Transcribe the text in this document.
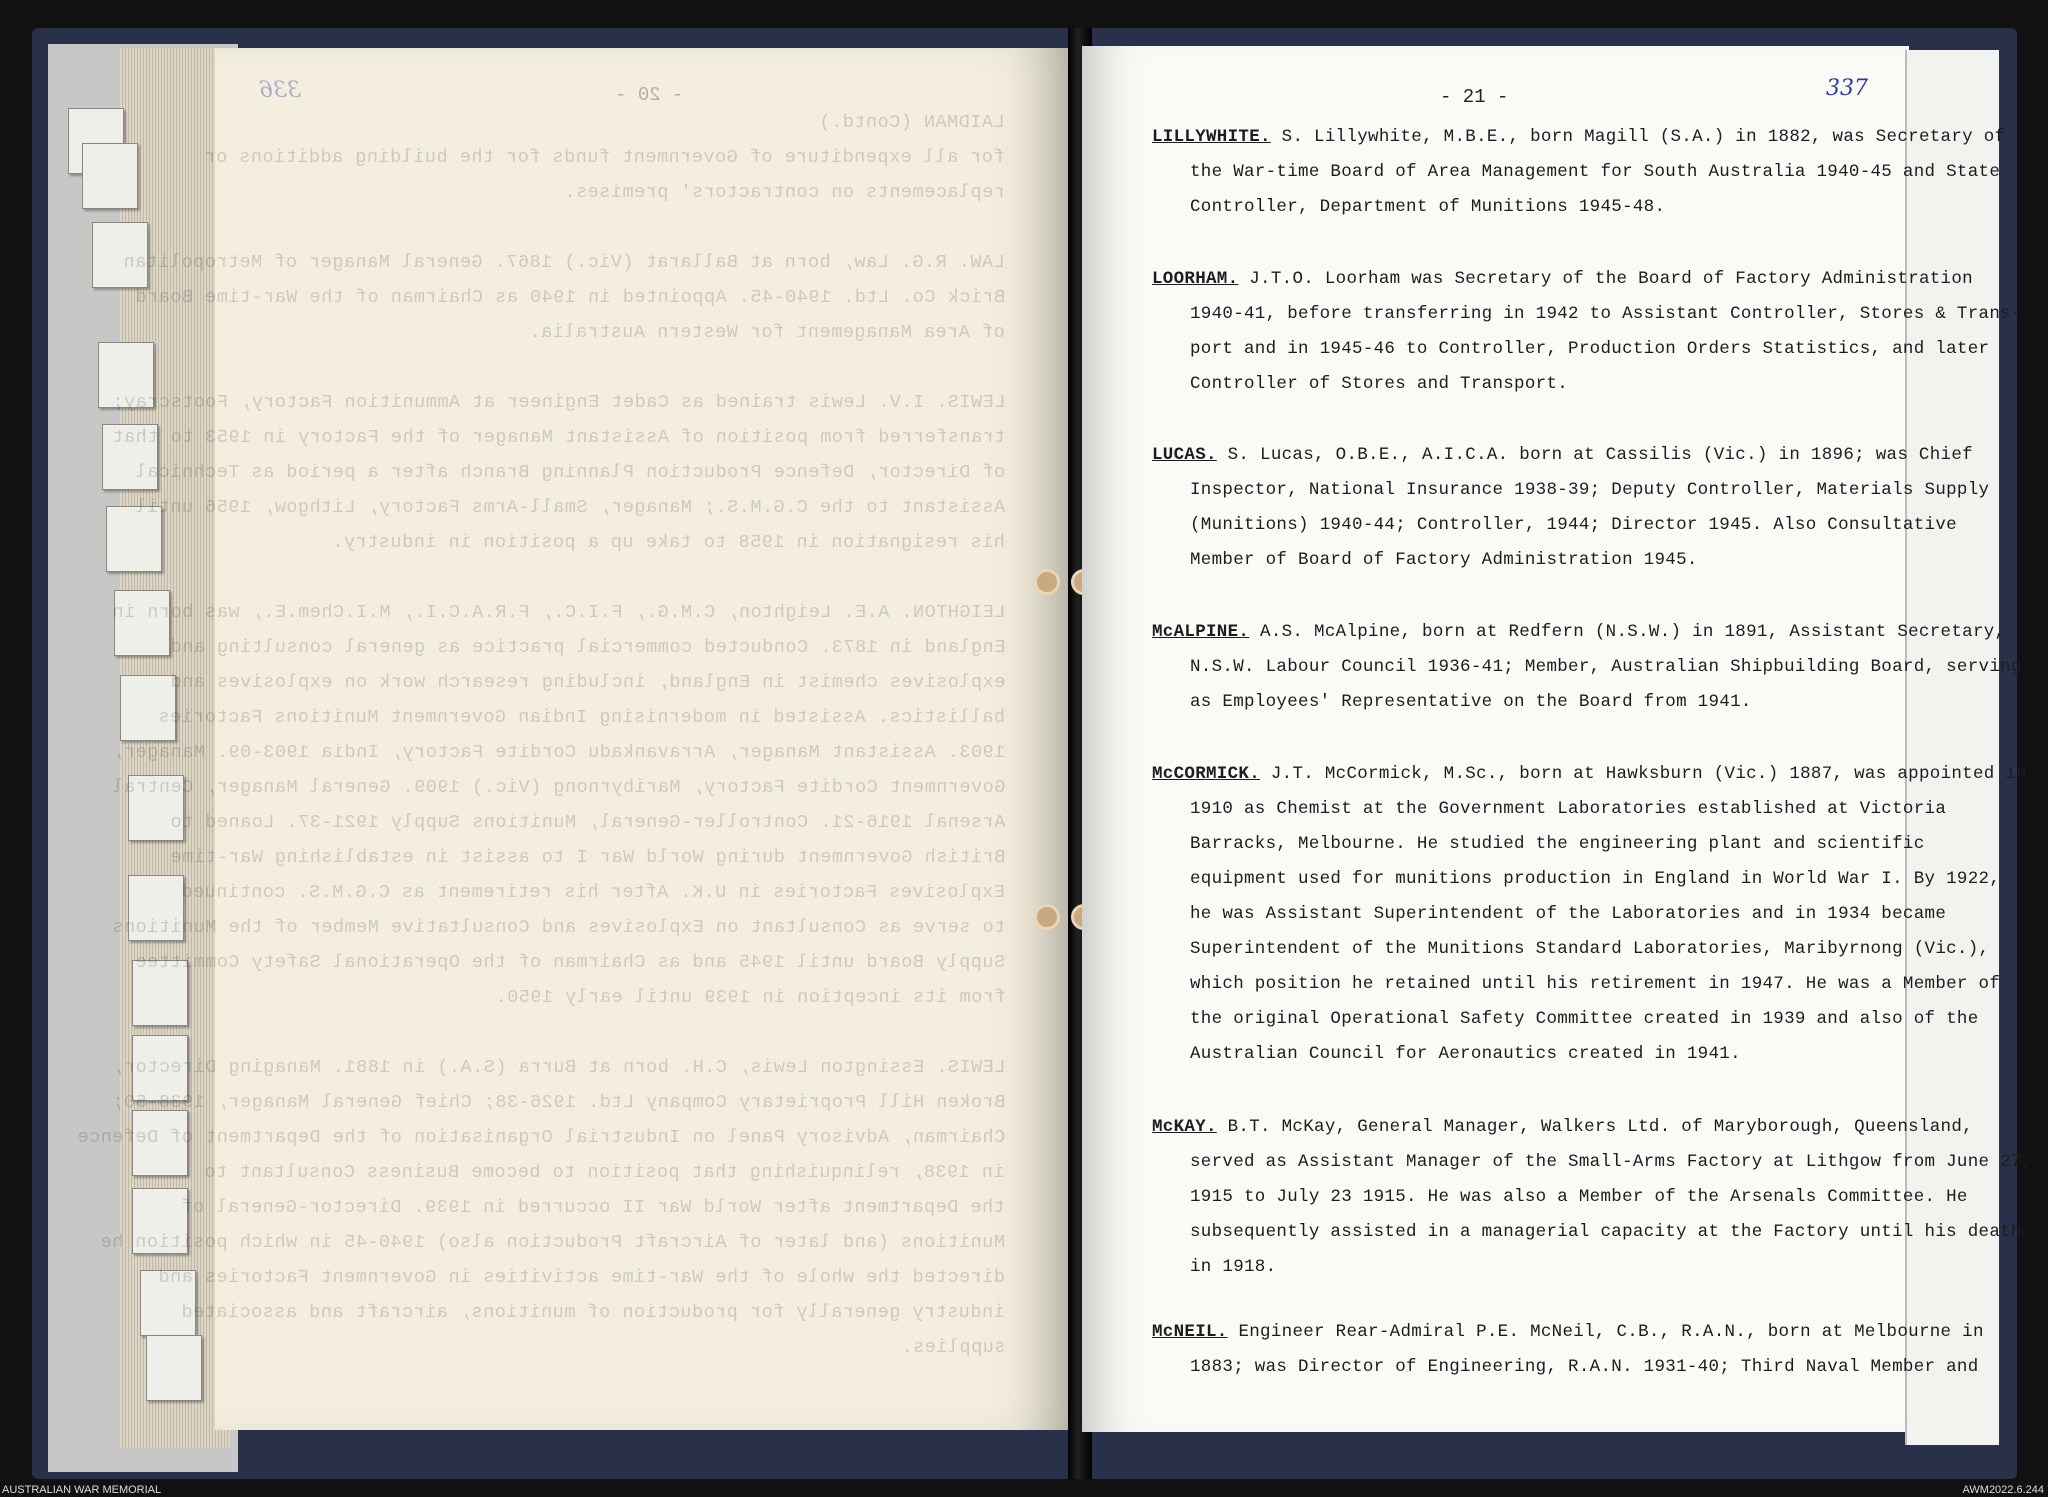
- 20 -
336
LAIDMAN (Contd.)
for all expenditure of Government funds for the building additions or
replacements on contractors' premises.
LAW. R.G. Law, born at Ballarat (Vic.) 1867. General Manager of Metropolitan
Brick Co. Ltd. 1940-45. Appointed in 1940 as Chairman of the War-time Board
of Area Management for Western Australia.
LEWIS. I.V. Lewis trained as Cadet Engineer at Ammunition Factory, Footscray;
transferred from position of Assistant Manager of the Factory in 1953 to that
of Director, Defence Production Planning Branch after a period as Technical
Assistant to the C.G.M.S.; Manager, Small-Arms Factory, Lithgow, 1956 until
his resignation in 1958 to take up a position in industry.
LEIGHTON. A.E. Leighton, C.M.G., F.I.C., F.R.A.C.I., M.I.Chem.E., was born in
England in 1873. Conducted commercial practice as general consulting and
explosives chemist in England, including research work on explosives and
ballistics. Assisted in modernising Indian Government Munitions Factories
1903. Assistant Manager, Arravankadu Cordite Factory, India 1903-09. Manager,
Government Cordite Factory, Maribyrnong (Vic.) 1909. General Manager, Central
Arsenal 1916-21. Controller-General, Munitions Supply 1921-37. Loaned to
British Government during World War I to assist in establishing War-time
Explosives Factories in U.K. After his retirement as C.G.M.S. continued
to serve as Consultant on Explosives and Consultative Member of the Munitions
Supply Board until 1945 and as Chairman of the Operational Safety Committee
from its inception in 1939 until early 1950.
LEWIS. Essington Lewis, C.H. born at Burra (S.A.) in 1881. Managing Director,
Broken Hill Proprietary Company Ltd. 1926-38; Chief General Manager, 1938-50;
Chairman, Advisory Panel on Industrial Organisation of the Department of Defence
in 1938, relinquishing that position to become Business Consultant to
the Department after World War II occurred in 1939. Director-General of
Munitions (and later of Aircraft Production also) 1940-45 in which position he
directed the whole of the War-time activities in Government Factories and
industry generally for production of munitions, aircraft and associated
supplies.
- 21 -	337
LILLYWHITE. S. Lillywhite, M.B.E., born Magill (S.A.) in 1882, was Secretary of
the War-time Board of Area Management for South Australia 1940-45 and State
Controller, Department of Munitions 1945-48.
LOORHAM. J.T.O. Loorham was Secretary of the Board of Factory Administration
1940-41, before transferring in 1942 to Assistant Controller, Stores & Trans-
port and in 1945-46 to Controller, Production Orders Statistics, and later
Controller of Stores and Transport.
LUCAS. S. Lucas, O.B.E., A.I.C.A. born at Cassilis (Vic.) in 1896; was Chief
Inspector, National Insurance 1938-39; Deputy Controller, Materials Supply
(Munitions) 1940-44; Controller, 1944; Director 1945. Also Consultative
Member of Board of Factory Administration 1945.
McALPINE. A.S. McAlpine, born at Redfern (N.S.W.) in 1891, Assistant Secretary,
N.S.W. Labour Council 1936-41; Member, Australian Shipbuilding Board, serving
as Employees' Representative on the Board from 1941.
McCORMICK. J.T. McCormick, M.Sc., born at Hawksburn (Vic.) 1887, was appointed in
1910 as Chemist at the Government Laboratories established at Victoria
Barracks, Melbourne. He studied the engineering plant and scientific
equipment used for munitions production in England in World War I. By 1922,
he was Assistant Superintendent of the Laboratories and in 1934 became
Superintendent of the Munitions Standard Laboratories, Maribyrnong (Vic.),
which position he retained until his retirement in 1947. He was a Member of
the original Operational Safety Committee created in 1939 and also of the
Australian Council for Aeronautics created in 1941.
McKAY. B.T. McKay, General Manager, Walkers Ltd. of Maryborough, Queensland,
served as Assistant Manager of the Small-Arms Factory at Lithgow from June 27,
1915 to July 23 1915. He was also a Member of the Arsenals Committee. He
subsequently assisted in a managerial capacity at the Factory until his death
in 1918.
McNEIL. Engineer Rear-Admiral P.E. McNeil, C.B., R.A.N., born at Melbourne in
1883; was Director of Engineering, R.A.N. 1931-40; Third Naval Member and
AUSTRALIAN WAR MEMORIAL	AWM2022.6.244
